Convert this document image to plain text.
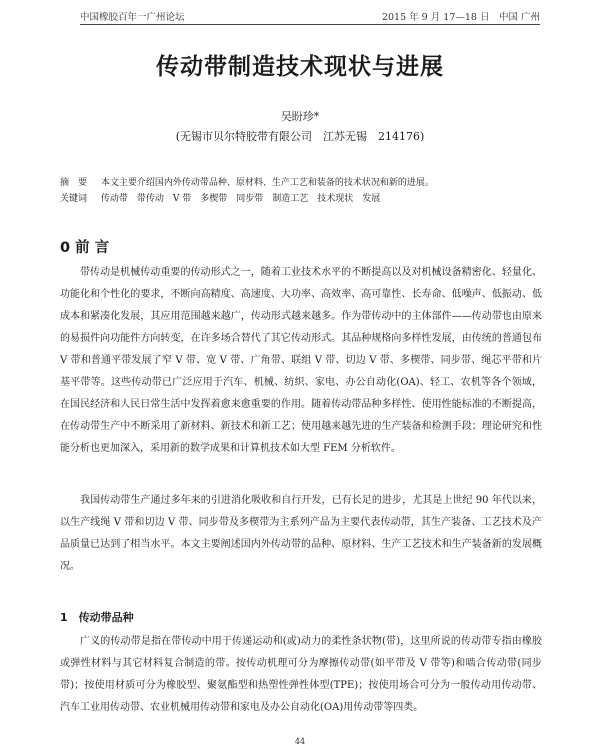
中国橡胶百年一广州论坛	2015 年 9 月 17—18 日　中国 广州
传动带制造技术现状与进展
吴盼珍*
(无锡市贝尔特胶带有限公司　江苏无锡　214176)
摘　要 本文主要介绍国内外传动带品种、原材料、生产工艺和装备的技术状况和新的进展。
关键词 传动带　带传动　V 带　多楔带　同步带　制造工艺　技术现状　发展
0 前 言

带传动是机械传动重要的传动形式之一，随着工业技术水平的不断提高以及对机械设备精密化、轻量化、功能化和个性化的要求，不断向高精度、高速度、大功率、高效率、高可靠性、长寿命、低噪声、低振动、低成本和紧凑化发展，其应用范围越来越广，传动形式越来越多。作为带传动中的主体部件——传动带也由原来的易损件向功能件方向转变，在许多场合替代了其它传动形式。其品种规格向多样性发展，由传统的普通包布 V 带和普通平带发展了窄 V 带、宽 V 带、广角带、联组 V 带、切边 V 带、多楔带、同步带、绳芯平带和片基平带等。这些传动带已广泛应用于汽车、机械、纺织、家电、办公自动化(OA)、轻工、农机等各个领域，在国民经济和人民日常生活中发挥着愈来愈重要的作用。随着传动带品种多样性、使用性能标准的不断提高，在传动带生产中不断采用了新材料、新技术和新工艺；使用越来越先进的生产装备和检测手段；理论研究和性能分析也更加深入，采用新的数学成果和计算机技术如大型 FEM 分析软件。

我国传动带生产通过多年来的引进消化吸收和自行开发，已有长足的进步，尤其是上世纪 90 年代以来，以生产线绳 V 带和切边 V 带、同步带及多楔带为主系列产品为主要代表传动带，其生产装备、工艺技术及产品质量已达到了相当水平。本文主要阐述国内外传动带的品种、原材料、生产工艺技术和生产装备新的发展概况。

1　传动带品种

广义的传动带是指在带传动中用于传递运动和(或)动力的柔性条状物(带)，这里所说的传动带专指由橡胶或弹性材料与其它材料复合制造的带。按传动机理可分为摩擦传动带(如平带及 V 带等)和啮合传动带(同步带)；按使用材质可分为橡胶型、聚氨酯型和热塑性弹性体型(TPE)；按使用场合可分为一般传动用传动带、汽车工业用传动带、农业机械用传动带和家电及办公自动化(OA)用传动带等四类。

44
